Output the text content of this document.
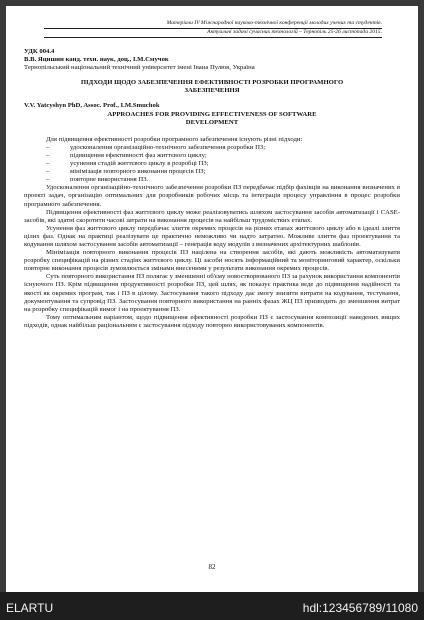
Матеріали IV Міжнародної науково-технічної конференції молодих учених та студентів.
Актуальні задачі сучасних технологій – Тернопіль 25-26 листопада 2015.
УДК 004.4
В.В. Яцишин канд. техн. наук, доц., І.М.Смучок
Тернопільський національний технічний університет імені Івана Пулюя, Україна
ПІДХОДИ ЩОДО ЗАБЕЗПЕЧЕННЯ ЕФЕКТИВНОСТІ РОЗРОБКИ ПРОГРАМНОГО ЗАБЕЗПЕЧЕННЯ
V.V. Yatcyshyn PhD, Assoc. Prof., I.M.Smuchok
APPROACHES FOR PROVIDING EFFECTIVENESS OF SOFTWARE DEVELOPMENT

Для підвищення ефективності розробки програмного забезпечення існують різні підходи:

– удосконалення організаційно-технічного забезпечення розробки ПЗ;
– підвищення ефективності фаз життєвого циклу;
– усунення стадій життєвого циклу в розробці ПЗ;
– мінімізація повторного виконання процесів ПЗ;
– повторне використання ПЗ.

Удосконалення організаційно-технічного забезпечення розробки ПЗ передбачає підбір фахівців на виконання визначених в проекті задач, організацію оптимальних для розробників робочих місць та інтеграція процесу управління в процес розробки програмного забезпечення.

Підвищення ефективності фаз життєвого циклу може реалізовуватись шляхом застосування засобів автоматизації і CASE-засобів, які здатні скоротити часові затрати на виконання процесів на найбільш трудомістких етапах.

Усунення фаз життєвого циклу передбачає злиття окремих процесів на різних етапах життєвого циклу або в ідеалі злиття цілих фаз. Однак на практиці реалізувати це практично неможливо чи надто затратно. Можливе злиття фаз проектування та кодування шляхом застосування засобів автоматизації – генерація коду модулів з визначених архітектурних шаблонів.

Мінімізація повторного виконання процесів ПЗ націлена на створення засобів, які дають можливість автоматизувати розробку специфікацій на різних стадіях життєвого циклу. Ці засоби носять інформаційний та моніторинговий характер, оскільки повторне виконання процесів зумовлюється змінами внесеними у результати виконання окремих процесів.

Суть повторного використання ПЗ полягає у зменшенні об'єму новостворюваного ПЗ за рахунок використання компонентів існуючого ПЗ. Крім підвищення продуктивності розробки ПЗ, цей шлях, як показує практика веде до підвищення надійності та якості як окремих програм, так і ПЗ в цілому. Застосування такого підходу дає змогу знизити витрати на кодування, тестування, документування та супровід ПЗ. Застосування повторного використання на ранніх фазах ЖЦ ПЗ призводить до зменшення витрат на розробку специфікацій вимог і на проектування ПЗ.

Тому оптимальним варіантом, щодо підвищення ефективності розробки ПЗ є застосування композиції наведених вищих підходів, однак найбільш раціональним є застосування підходу повторно використовуваних компонентів.

82
ELARTU	hdl:123456789/11080
